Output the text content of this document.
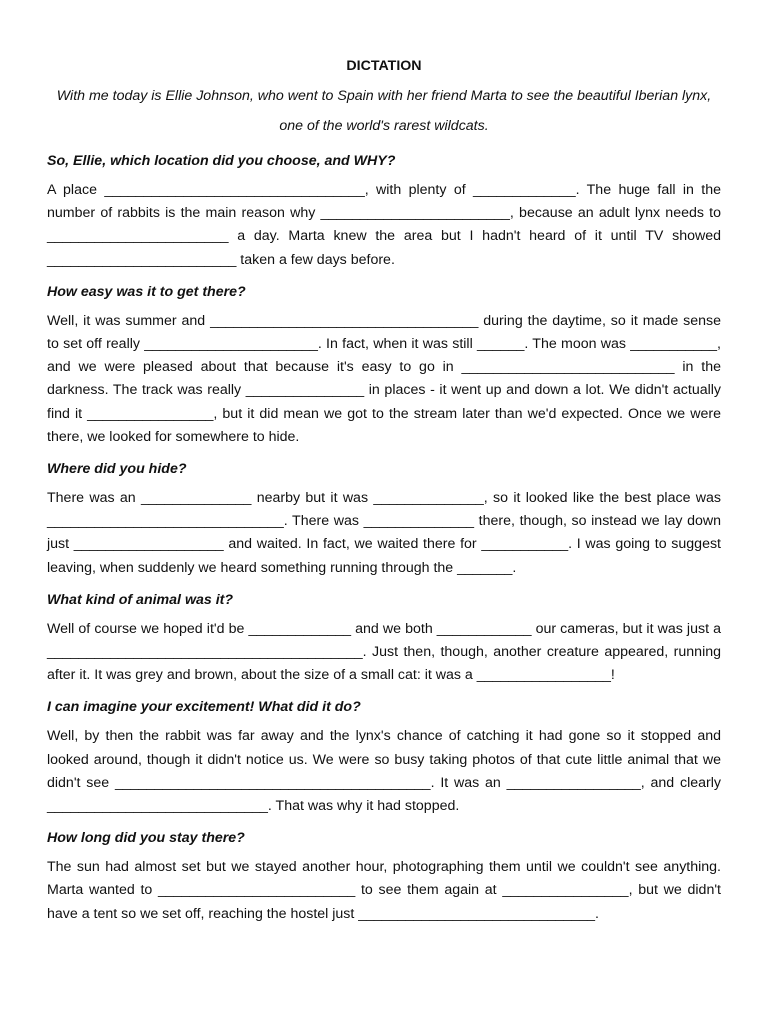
DICTATION

With me today is Ellie Johnson, who went to Spain with her friend Marta to see the beautiful Iberian lynx, one of the world's rarest wildcats.

So, Ellie, which location did you choose, and WHY?

A place _________________________________, with plenty of _____________. The huge fall in the number of rabbits is the main reason why ________________________, because an adult lynx needs to _______________________ a day. Marta knew the area but I hadn't heard of it until TV showed ________________________ taken a few days before.

How easy was it to get there?

Well, it was summer and __________________________________ during the daytime, so it made sense to set off really ______________________. In fact, when it was still ______. The moon was ___________, and we were pleased about that because it's easy to go in ___________________________ in the darkness. The track was really _______________ in places - it went up and down a lot. We didn't actually find it ________________, but it did mean we got to the stream later than we'd expected. Once we were there, we looked for somewhere to hide.

Where did you hide?

There was an ______________ nearby but it was ______________, so it looked like the best place was ______________________________. There was ______________ there, though, so instead we lay down just ___________________ and waited. In fact, we waited there for ___________. I was going to suggest leaving, when suddenly we heard something running through the _______.

What kind of animal was it?

Well of course we hoped it'd be _____________ and we both ____________ our cameras, but it was just a ________________________________________. Just then, though, another creature appeared, running after it. It was grey and brown, about the size of a small cat: it was a _________________!

I can imagine your excitement! What did it do?

Well, by then the rabbit was far away and the lynx's chance of catching it had gone so it stopped and looked around, though it didn't notice us. We were so busy taking photos of that cute little animal that we didn't see ________________________________________. It was an _________________, and clearly ____________________________. That was why it had stopped.

How long did you stay there?

The sun had almost set but we stayed another hour, photographing them until we couldn't see anything. Marta wanted to _________________________ to see them again at ________________, but we didn't have a tent so we set off, reaching the hostel just ______________________________.
